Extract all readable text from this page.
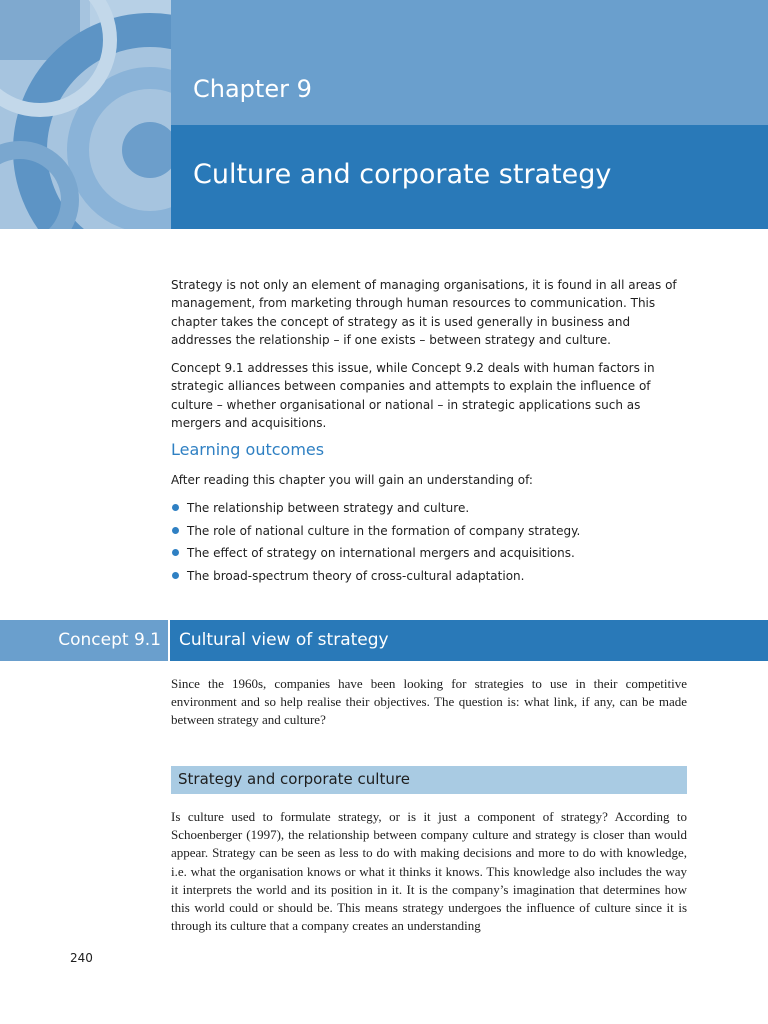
Chapter 9
Culture and corporate strategy

Strategy is not only an element of managing organisations, it is found in all areas of management, from marketing through human resources to communication. This chapter takes the concept of strategy as it is used generally in business and addresses the relationship – if one exists – between strategy and culture.

Concept 9.1 addresses this issue, while Concept 9.2 deals with human factors in strategic alliances between companies and attempts to explain the influence of culture – whether organisational or national – in strategic applications such as mergers and acquisitions.

Learning outcomes

After reading this chapter you will gain an understanding of:

The relationship between strategy and culture.
The role of national culture in the formation of company strategy.
The effect of strategy on international mergers and acquisitions.
The broad-spectrum theory of cross-cultural adaptation.
Concept 9.1 Cultural view of strategy

Since the 1960s, companies have been looking for strategies to use in their competitive environment and so help realise their objectives. The question is: what link, if any, can be made between strategy and culture?

Strategy and corporate culture

Is culture used to formulate strategy, or is it just a component of strategy? According to Schoenberger (1997), the relationship between company culture and strategy is closer than would appear. Strategy can be seen as less to do with making decisions and more to do with knowledge, i.e. what the organisation knows or what it thinks it knows. This knowledge also includes the way it interprets the world and its position in it. It is the company’s imagination that determines how this world could or should be. This means strategy undergoes the influence of culture since it is through its culture that a company creates an understanding

240
